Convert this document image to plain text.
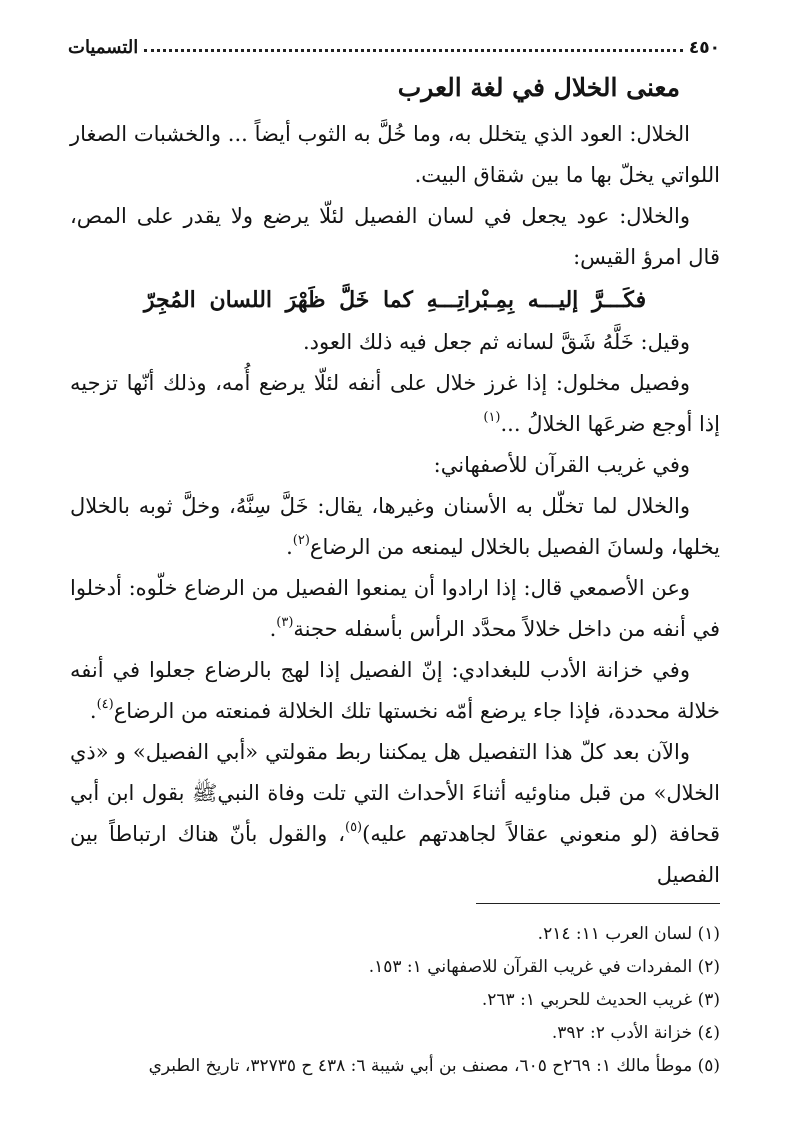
٤٥٠
التسميات
معنى الخلال في لغة العرب

الخلال: العود الذي يتخلل به، وما خُلَّ به الثوب أيضاً ... والخشبات الصغار اللواتي يخلّ بها ما بين شقاق البيت.

والخلال: عود يجعل في لسان الفصيل لئلّا يرضع ولا يقدر على المص، قال امرؤ القيس:

فكَـــرَّ إليـــه بِمِـبْراتِـــهِ كما خَلَّ ظَهْرَ اللسان المُجِرّ

وقيل: خَلَّهُ شَقَّ لسانه ثم جعل فيه ذلك العود.

وفصيل مخلول: إذا غرز خلال على أنفه لئلّا يرضع أُمه، وذلك أنّها تزجيه إذا أوجع ضرعَها الخلالُ ...$^{(١)}$

وفي غريب القرآن للأصفهاني:

والخلال لما تخلّل به الأسنان وغيرها، يقال: خَلَّ سِنَّهُ، وخلَّ ثوبه بالخلال يخلها، ولسانَ الفصيل بالخلال ليمنعه من الرضاع$^{(٢)}$.

وعن الأصمعي قال: إذا ارادوا أن يمنعوا الفصيل من الرضاع خلّوه: أدخلوا في أنفه من داخل خلالاً محدَّد الرأس بأسفله حجنة$^{(٣)}$.

وفي خزانة الأدب للبغدادي: إنّ الفصيل إذا لهج بالرضاع جعلوا في أنفه خلالة محددة، فإذا جاء يرضع أمّه نخستها تلك الخلالة فمنعته من الرضاع$^{(٤)}$.

والآن بعد كلّ هذا التفصيل هل يمكننا ربط مقولتي «أبي الفصيل» و «ذي الخلال» من قبل مناوئيه أثناءَ الأحداث التي تلت وفاة النبيﷺ بقول ابن أبي قحافة (لو منعوني عقالاً لجاهدتهم عليه)$^{(٥)}$، والقول بأنّ هناك ارتباطاً بين الفصيل

(١) لسان العرب ١١: ٢١٤.
(٢) المفردات في غريب القرآن للاصفهاني ١: ١٥٣.
(٣) غريب الحديث للحربي ١: ٢٦٣.
(٤) خزانة الأدب ٢: ٣٩٢.
(٥) موطأ مالك ١: ٢٦٩ح ٦٠٥، مصنف بن أبي شيبة ٦: ٤٣٨ ح ٣٢٧٣٥، تاريخ الطبري
